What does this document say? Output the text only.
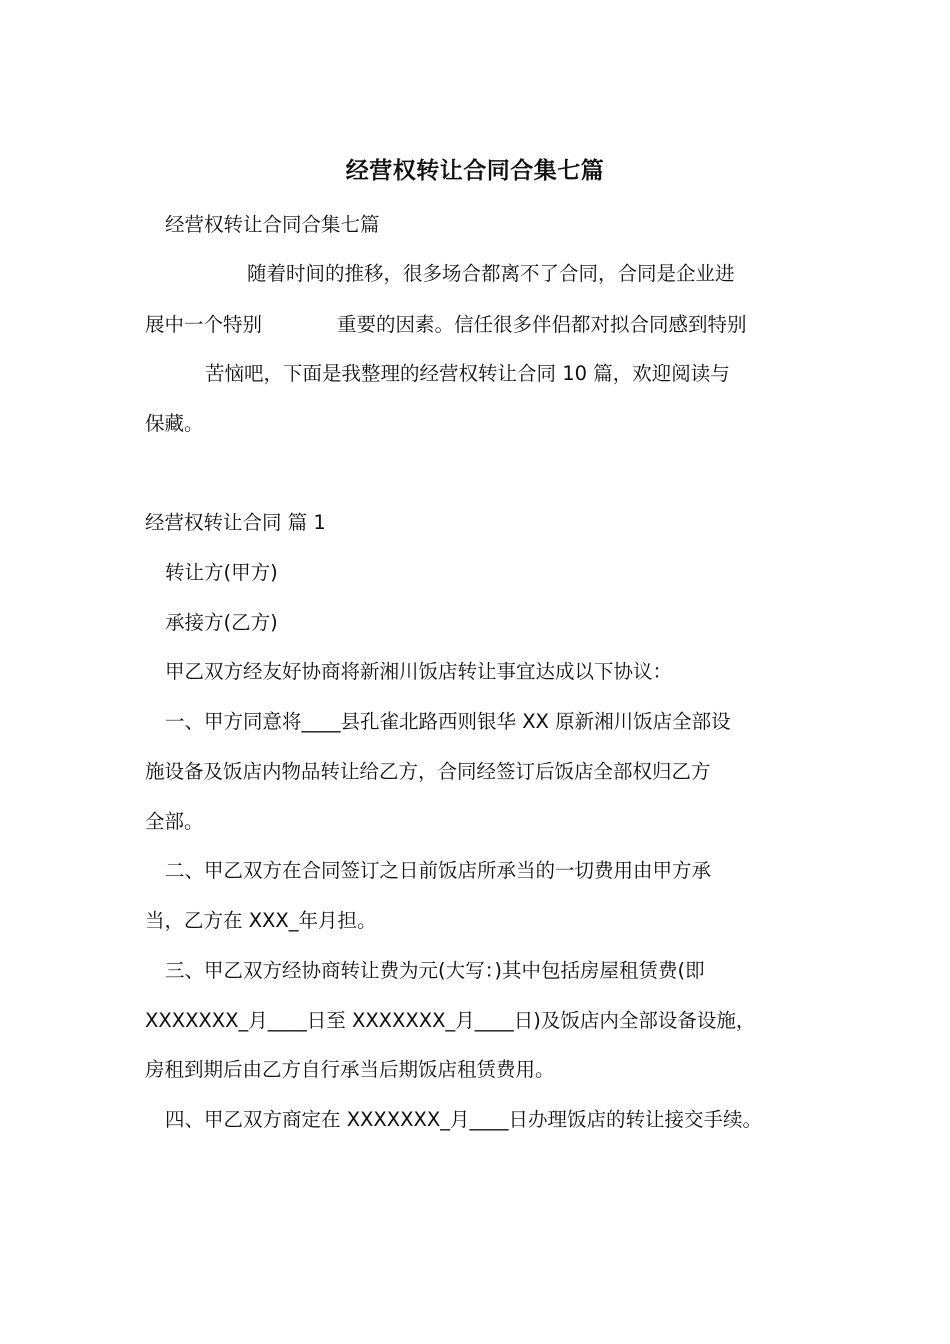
经营权转让合同合集七篇
经营权转让合同合集七篇
随着时间的推移，很多场合都离不了合同，合同是企业进
展中一个特别	重要的因素。信任很多伴侣都对拟合同感到特别
苦恼吧，下面是我整理的经营权转让合同 10 篇，欢迎阅读与
保藏。
经营权转让合同 篇 1
转让方(甲方)
承接方(乙方)
甲乙双方经友好协商将新湘川饭店转让事宜达成以下协议：
一、甲方同意将____县孔雀北路西则银华 XX 原新湘川饭店全部设
施设备及饭店内物品转让给乙方，合同经签订后饭店全部权归乙方
全部。
二、甲乙双方在合同签订之日前饭店所承当的一切费用由甲方承
当，乙方在 XXX_年月担。
三、甲乙双方经协商转让费为元(大写：)其中包括房屋租赁费(即
XXXXXXX_月____日至 XXXXXXX_月____日)及饭店内全部设备设施，
房租到期后由乙方自行承当后期饭店租赁费用。
四、甲乙双方商定在 XXXXXXX_月____日办理饭店的转让接交手续。
